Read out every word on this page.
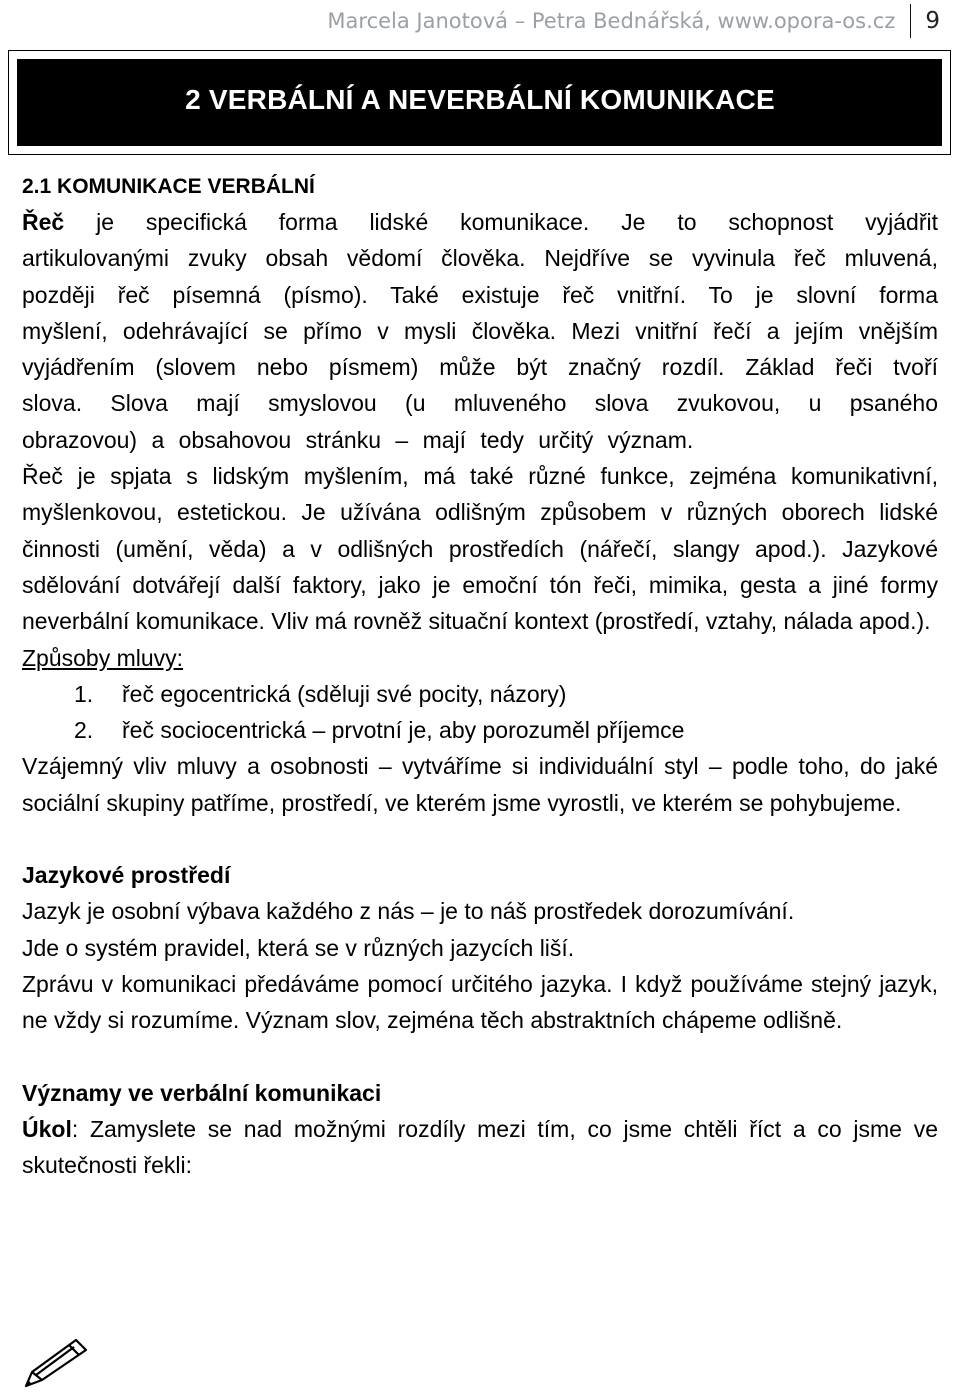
Marcela Janotová – Petra Bednářská, www.opora-os.cz 9
2 VERBÁLNÍ A NEVERBÁLNÍ KOMUNIKACE
2.1 KOMUNIKACE VERBÁLNÍ

Řeč je specifická forma lidské komunikace. Je to schopnost vyjádřit artikulovanými zvuky obsah vědomí člověka. Nejdříve se vyvinula řeč mluvená, později řeč písemná (písmo). Také existuje řeč vnitřní. To je slovní forma myšlení, odehrávající se přímo v mysli člověka. Mezi vnitřní řečí a jejím vnějším vyjádřením (slovem nebo písmem) může být značný rozdíl. Základ řeči tvoří slova. Slova mají smyslovou (u mluveného slova zvukovou, u psaného obrazovou) a obsahovou stránku – mají tedy určitý význam.

Řeč je spjata s lidským myšlením, má také různé funkce, zejména komunikativní, myšlenkovou, estetickou. Je užívána odlišným způsobem v různých oborech lidské činnosti (umění, věda) a v odlišných prostředích (nářečí, slangy apod.). Jazykové sdělování dotvářejí další faktory, jako je emoční tón řeči, mimika, gesta a jiné formy neverbální komunikace. Vliv má rovněž situační kontext (prostředí, vztahy, nálada apod.).

Způsoby mluvy:
1.	řeč egocentrická (sděluji své pocity, názory)
2.	řeč sociocentrická – prvotní je, aby porozuměl příjemce

Vzájemný vliv mluvy a osobnosti – vytváříme si individuální styl – podle toho, do jaké sociální skupiny patříme, prostředí, ve kterém jsme vyrostli, ve kterém se pohybujeme.

Jazykové prostředí

Jazyk je osobní výbava každého z nás – je to náš prostředek dorozumívání.

Jde o systém pravidel, která se v různých jazycích liší.

Zprávu v komunikaci předáváme pomocí určitého jazyka. I když používáme stejný jazyk, ne vždy si rozumíme. Význam slov, zejména těch abstraktních chápeme odlišně.

Významy ve verbální komunikaci

Úkol: Zamyslete se nad možnými rozdíly mezi tím, co jsme chtěli říct a co jsme ve skutečnosti řekli:
